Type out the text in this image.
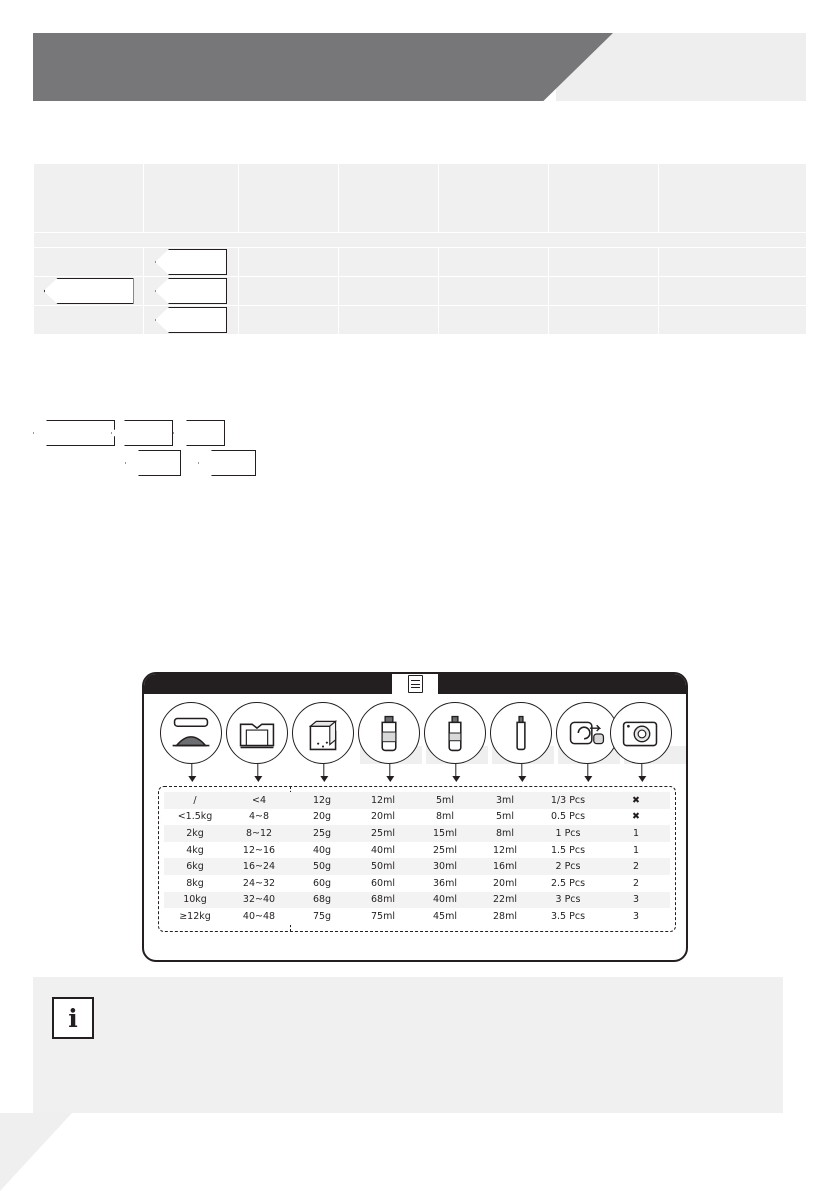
/	<4	12g	12ml	5ml	3ml	1/3 Pcs	✖
<1.5kg	4~8	20g	20ml	8ml	5ml	0.5 Pcs	✖
2kg	8~12	25g	25ml	15ml	8ml	1 Pcs	1
4kg	12~16	40g	40ml	25ml	12ml	1.5 Pcs	1
6kg	16~24	50g	50ml	30ml	16ml	2 Pcs	2
8kg	24~32	60g	60ml	36ml	20ml	2.5 Pcs	2
10kg	32~40	68g	68ml	40ml	22ml	3 Pcs	3
≥12kg	40~48	75g	75ml	45ml	28ml	3.5 Pcs	3
i
